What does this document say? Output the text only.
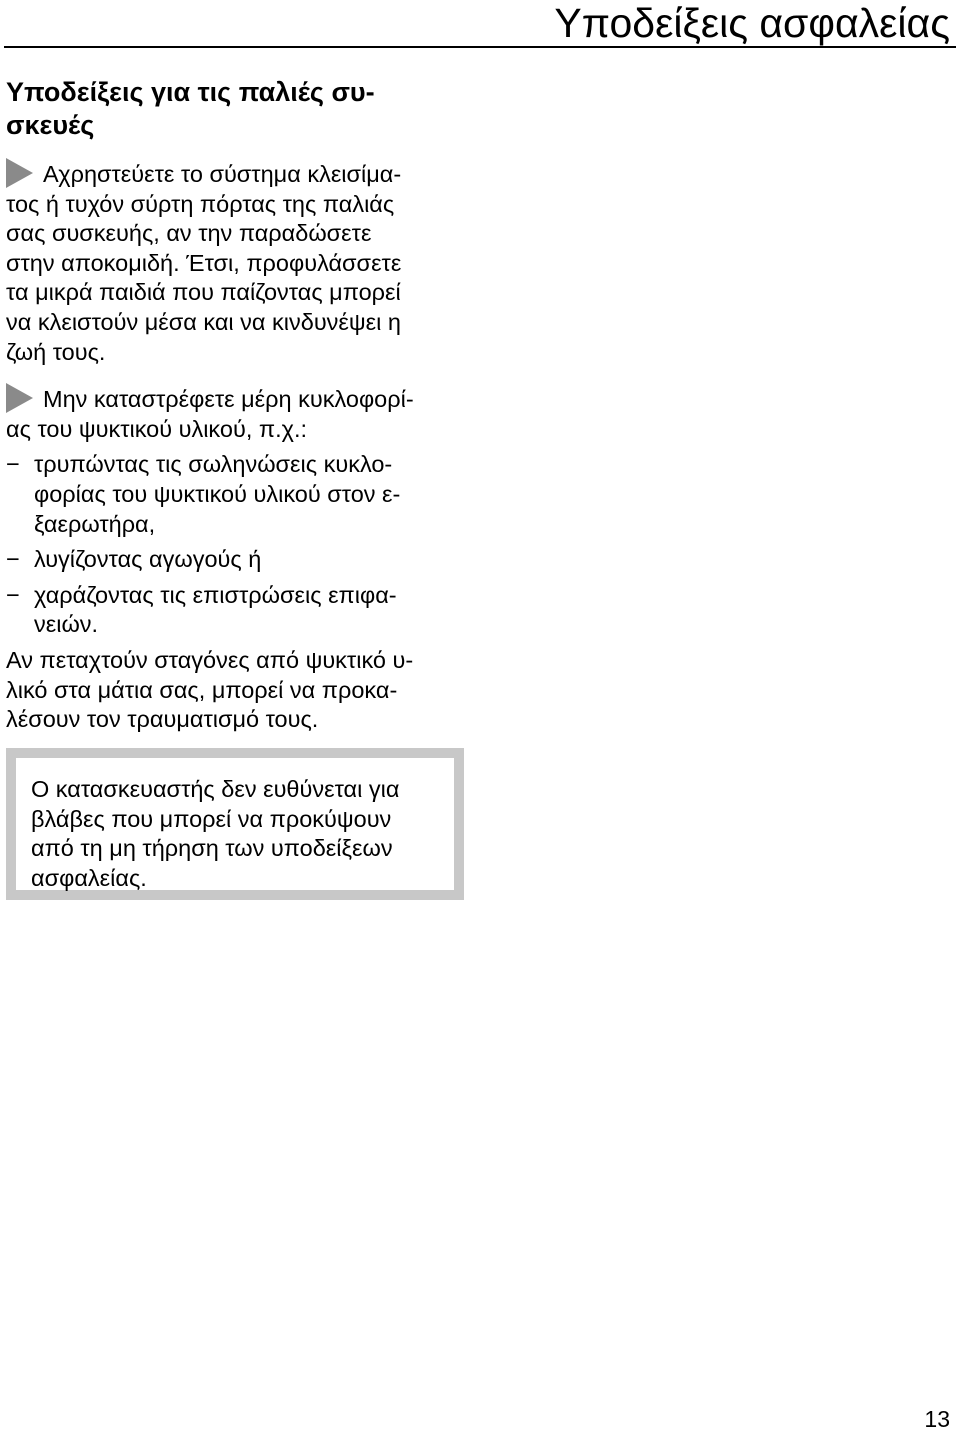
Υποδείξεις ασφαλείας
Υποδείξεις για τις παλιές συ-
σκευές
Αχρηστεύετε το σύστημα κλεισίμα-
τος ή τυχόν σύρτη πόρτας της παλιάς
σας συσκευής, αν την παραδώσετε
στην αποκομιδή. Έτσι, προφυλάσσετε
τα μικρά παιδιά που παίζοντας μπορεί
να κλειστούν μέσα και να κινδυνέψει η
ζωή τους.
Μην καταστρέφετε μέρη κυκλοφορί-
ας του ψυκτικού υλικού, π.χ.:
− τρυπώντας τις σωληνώσεις κυκλο-
φορίας του ψυκτικού υλικού στον ε-
ξαερωτήρα,
− λυγίζοντας αγωγούς ή
− χαράζοντας τις επιστρώσεις επιφα-
νειών.
Αν πεταχτούν σταγόνες από ψυκτικό υ-
λικό στα μάτια σας, μπορεί να προκα-
λέσουν τον τραυματισμό τους.
Ο κατασκευαστής δεν ευθύνεται για
βλάβες που μπορεί να προκύψουν
από τη μη τήρηση των υποδείξεων
ασφαλείας.
13
